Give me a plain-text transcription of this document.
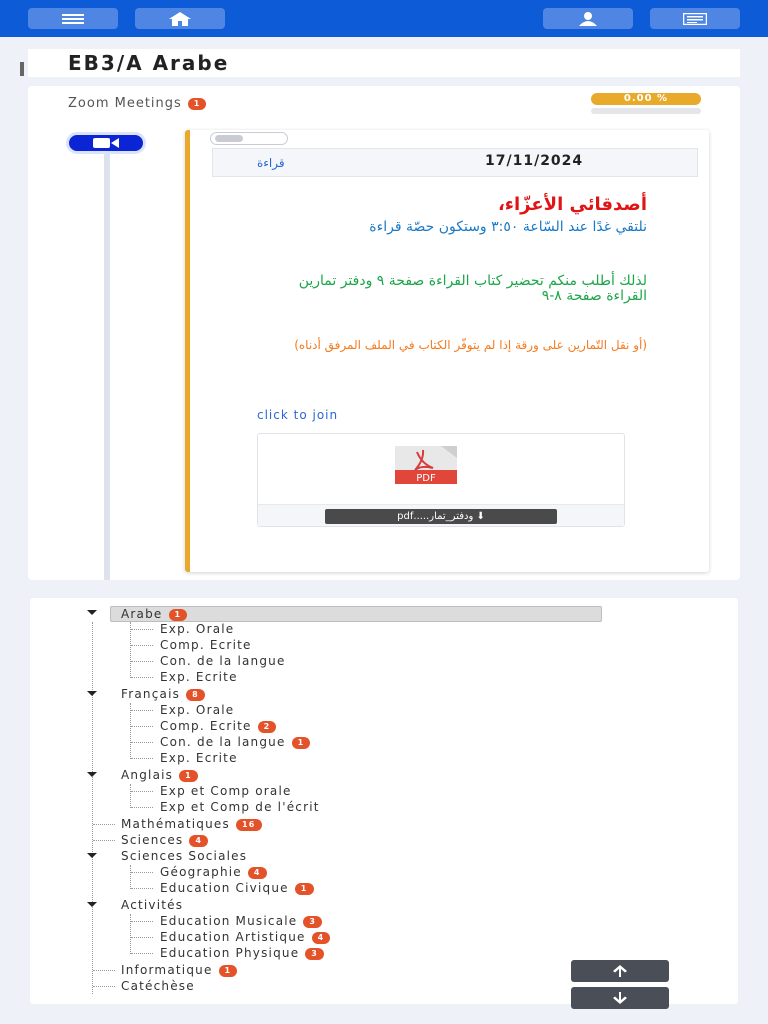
EB3/A Arabe
Zoom Meetings 1	0.00 %
قراءة	17/11/2024
أصدقائي الأعزّاء،
نلتقي غدًا عند السّاعة ٣:٥٠ وستكون حصّة قراءة
لذلك أطلب منكم تحضير كتاب القراءة صفحة ٩ ودفتر تمارين القراءة صفحة ٨-٩
(أو نقل التّمارين على ورقة إذا لم يتوفّر الكتاب في الملف المرفق أدناه)
click to join
PDF
⬇ ودفتر_تمار.....pdf
Arabe 1
Exp. Orale
Comp. Ecrite
Con. de la langue
Exp. Ecrite
Français 8
Exp. Orale
Comp. Ecrite 2
Con. de la langue 1
Exp. Ecrite
Anglais 1
Exp et Comp orale
Exp et Comp de l'écrit
Mathématiques 16
Sciences 4
Sciences Sociales
Géographie 4
Education Civique 1
Activités
Education Musicale 3
Education Artistique 4
Education Physique 3
Informatique 1
Catéchèse
